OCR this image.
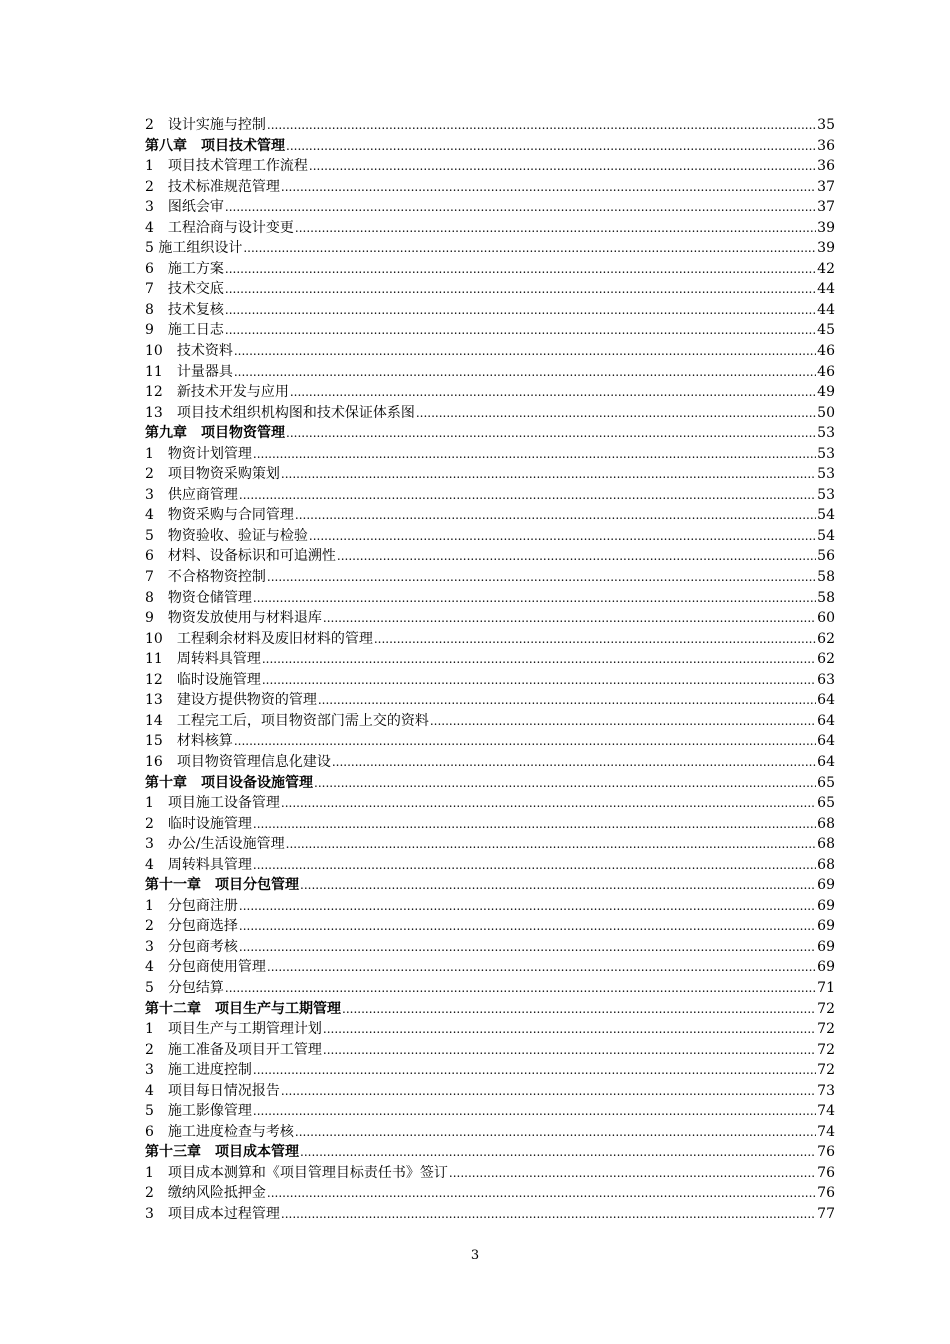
2　设计实施与控制 .....	35
第八章　项目技术管理 .....	36
1　项目技术管理工作流程 .....	36
2　技术标准规范管理 .....	37
3　图纸会审 .....	37
4　工程洽商与设计变更 .....	39
5 施工组织设计 .....	39
6　施工方案 .....	42
7　技术交底 .....	44
8　技术复核 .....	44
9　施工日志 .....	45
10　技术资料 .....	46
11　计量器具 .....	46
12　新技术开发与应用 .....	49
13　项目技术组织机构图和技术保证体系图 .....	50
第九章　项目物资管理 .....	53
1　物资计划管理 .....	53
2　项目物资采购策划 .....	53
3　供应商管理 .....	53
4　物资采购与合同管理 .....	54
5　物资验收、验证与检验 .....	54
6　材料、设备标识和可追溯性 .....	56
7　不合格物资控制 .....	58
8　物资仓储管理 .....	58
9　物资发放使用与材料退库 .....	60
10　工程剩余材料及废旧材料的管理 .....	62
11　周转料具管理 .....	62
12　临时设施管理 .....	63
13　建设方提供物资的管理 .....	64
14　工程完工后，项目物资部门需上交的资料 .....	64
15　材料核算 .....	64
16　项目物资管理信息化建设 .....	64
第十章　项目设备设施管理 .....	65
1　项目施工设备管理 .....	65
2　临时设施管理 .....	68
3　办公/生活设施管理 .....	68
4　周转料具管理 .....	68
第十一章　项目分包管理 .....	69
1　分包商注册 .....	69
2　分包商选择 .....	69
3　分包商考核 .....	69
4　分包商使用管理 .....	69
5　分包结算 .....	71
第十二章　项目生产与工期管理 .....	72
1　项目生产与工期管理计划 .....	72
2　施工准备及项目开工管理 .....	72
3　施工进度控制 .....	72
4　项目每日情况报告 .....	73
5　施工影像管理 .....	74
6　施工进度检查与考核 .....	74
第十三章　项目成本管理 .....	76
1　项目成本测算和《项目管理目标责任书》签订 .....	76
2　缴纳风险抵押金 .....	76
3　项目成本过程管理 .....	77
3
